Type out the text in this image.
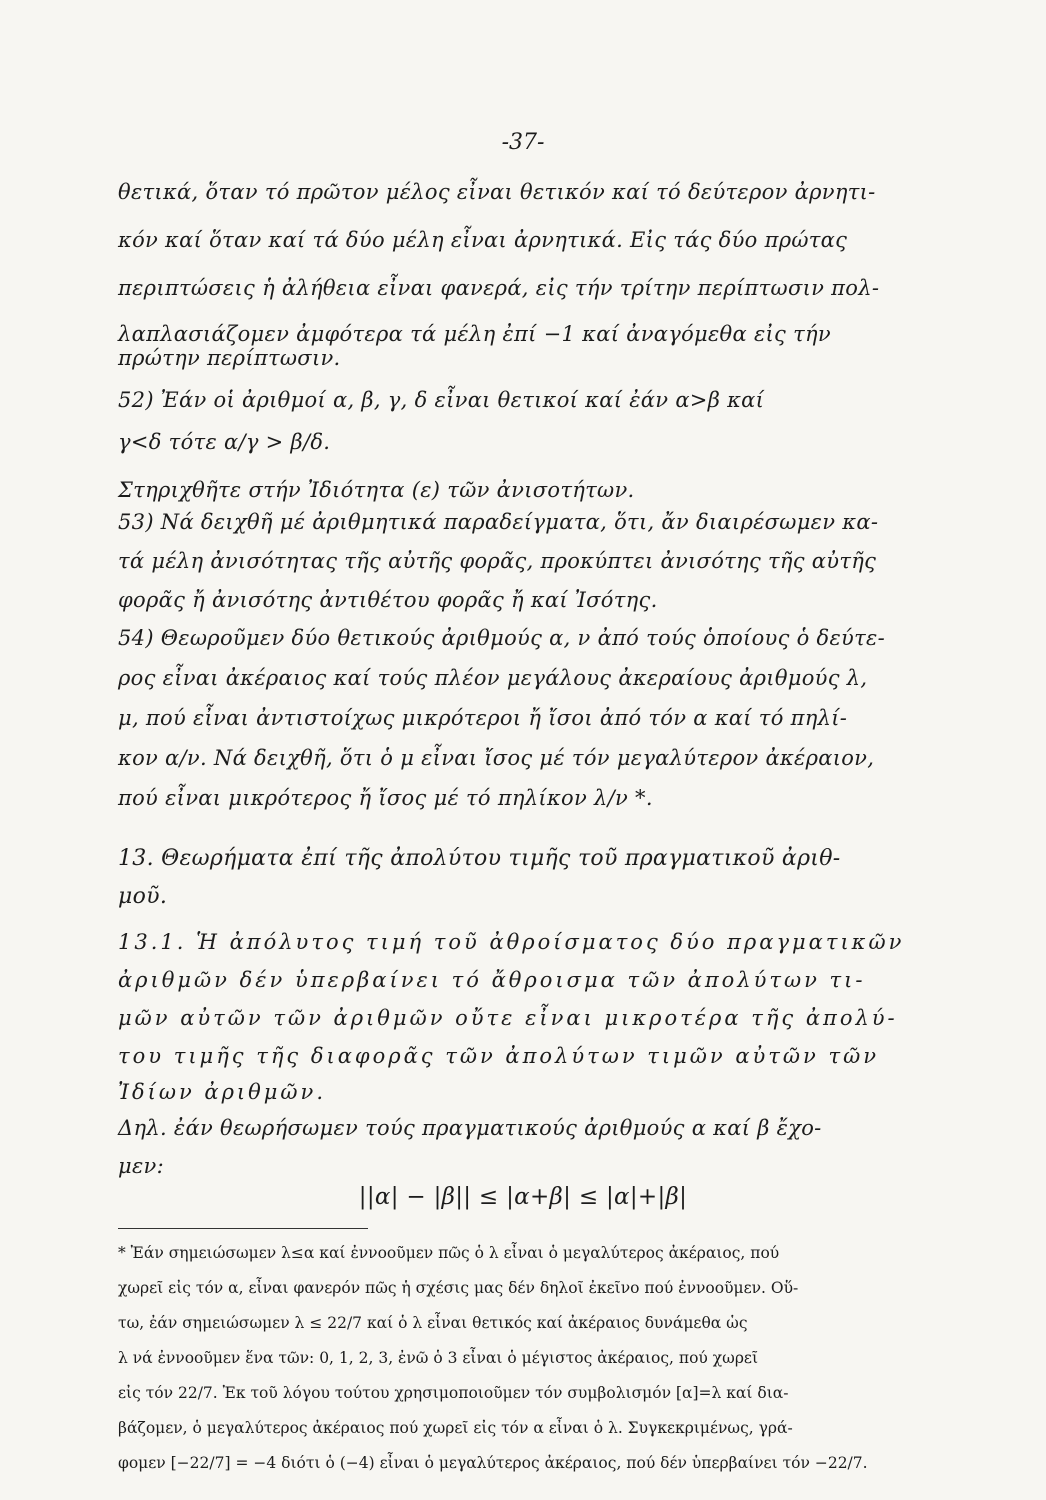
-37-
θετικά, ὅταν τό πρῶτον μέλος εἶναι θετικόν καί τό δεύτερον ἀρνητι-
κόν καί ὅταν καί τά δύο μέλη εἶναι ἀρνητικά. Εἰς τάς δύο πρώτας
περιπτώσεις ἡ ἀλήθεια εἶναι φανερά, εἰς τήν τρίτην περίπτωσιν πολ-
λαπλασιάζομεν ἀμφότερα τά μέλη ἐπί −1 καί ἀναγόμεθα εἰς τήν
πρώτην περίπτωσιν.
52) Ἐάν οἱ ἀριθμοί α, β, γ, δ εἶναι θετικοί καί ἐάν α>β καί
γ<δ τότε α/γ > β/δ.
Στηριχθῆτε στήν Ἰδιότητα (ε) τῶν ἀνισοτήτων.
53) Νά δειχθῆ μέ ἀριθμητικά παραδείγματα, ὅτι, ἄν διαιρέσωμεν κα-
τά μέλη ἀνισότητας τῆς αὐτῆς φορᾶς, προκύπτει ἀνισότης τῆς αὐτῆς
φορᾶς ἤ ἀνισότης ἀντιθέτου φορᾶς ἤ καί Ἰσότης.
54) Θεωροῦμεν δύο θετικούς ἀριθμούς α, ν ἀπό τούς ὁποίους ὁ δεύτε-
ρος εἶναι ἀκέραιος καί τούς πλέον μεγάλους ἀκεραίους ἀριθμούς λ,
μ, πού εἶναι ἀντιστοίχως μικρότεροι ἤ ἴσοι ἀπό τόν α καί τό πηλί-
κον α/ν. Νά δειχθῆ, ὅτι ὁ μ εἶναι ἴσος μέ τόν μεγαλύτερον ἀκέραιον,
πού εἶναι μικρότερος ἤ ἴσος μέ τό πηλίκον λ/ν *.
13. Θεωρήματα ἐπί τῆς ἀπολύτου τιμῆς τοῦ πραγματικοῦ ἀριθ-
μοῦ.
13.1. Ἡ ἀπόλυτος τιμή τοῦ ἀθροίσματος δύο πραγματικῶν
ἀριθμῶν δέν ὑπερβαίνει τό ἄθροισμα τῶν ἀπολύτων τι-
μῶν αὐτῶν τῶν ἀριθμῶν οὔτε εἶναι μικροτέρα τῆς ἀπολύ-
του τιμῆς τῆς διαφορᾶς τῶν ἀπολύτων τιμῶν αὐτῶν τῶν
Ἰδίων ἀριθμῶν.
Δηλ. ἐάν θεωρήσωμεν τούς πραγματικούς ἀριθμούς α καί β ἔχο-
μεν:
||α| − |β|| ≤ |α+β| ≤ |α|+|β|
* Ἐάν σημειώσωμεν λ≤α καί ἐννοοῦμεν πῶς ὁ λ εἶναι ὁ μεγαλύτερος ἀκέραιος, πού
χωρεῖ εἰς τόν α, εἶναι φανερόν πῶς ἡ σχέσις μας δέν δηλοῖ ἐκεῖνο πού ἐννοοῦμεν. Οὕ-
τω, ἐάν σημειώσωμεν λ ≤ 22/7 καί ὁ λ εἶναι θετικός καί ἀκέραιος δυνάμεθα ὡς
λ νά ἐννοοῦμεν ἕνα τῶν: 0, 1, 2, 3, ἐνῶ ὁ 3 εἶναι ὁ μέγιστος ἀκέραιος, πού χωρεῖ
εἰς τόν 22/7. Ἐκ τοῦ λόγου τούτου χρησιμοποιοῦμεν τόν συμβολισμόν [α]=λ καί δια-
βάζομεν, ὁ μεγαλύτερος ἀκέραιος πού χωρεῖ εἰς τόν α εἶναι ὁ λ. Συγκεκριμένως, γρά-
φομεν [−22/7] = −4 διότι ὁ (−4) εἶναι ὁ μεγαλύτερος ἀκέραιος, πού δέν ὑπερβαίνει τόν −22/7.
